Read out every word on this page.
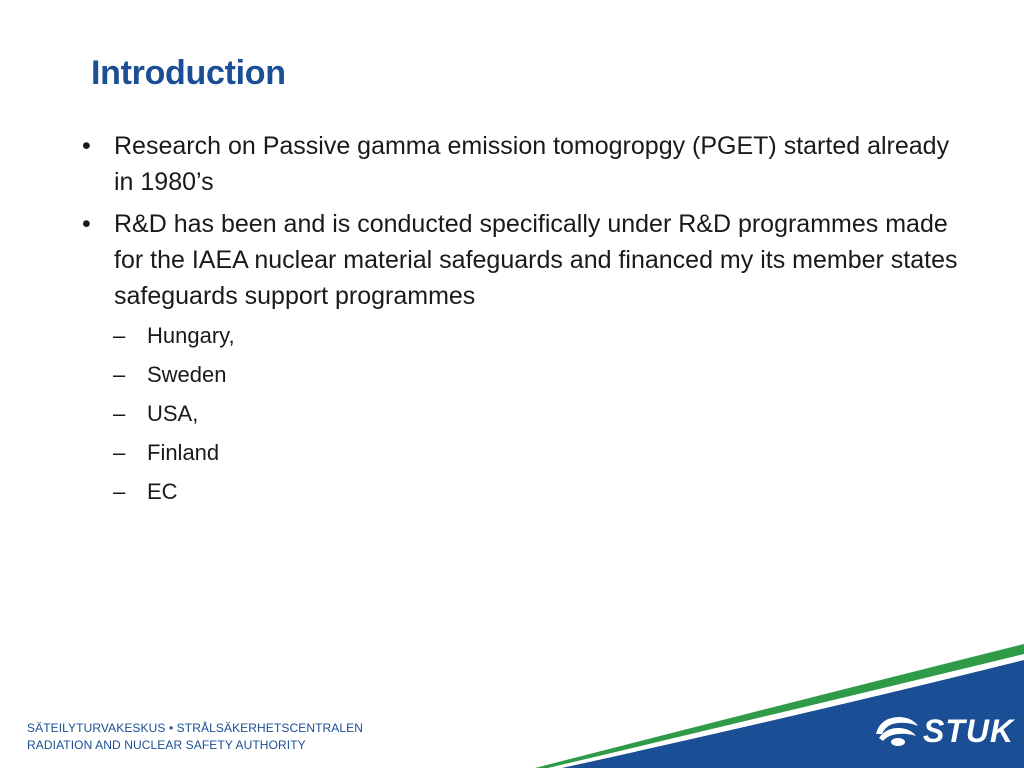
Introduction
• Research on Passive gamma emission tomogropgy (PGET) started already in 1980’s
• R&D has been and is conducted specifically under R&D programmes made for the IAEA nuclear material safeguards and financed my its member states safeguards support programmes
– Hungary,
– Sweden
– USA,
– Finland
– EC
SÄTEILYTURVAKESKUS • STRÅLSÄKERHETSCENTRALEN
RADIATION AND NUCLEAR SAFETY AUTHORITY	STUK
